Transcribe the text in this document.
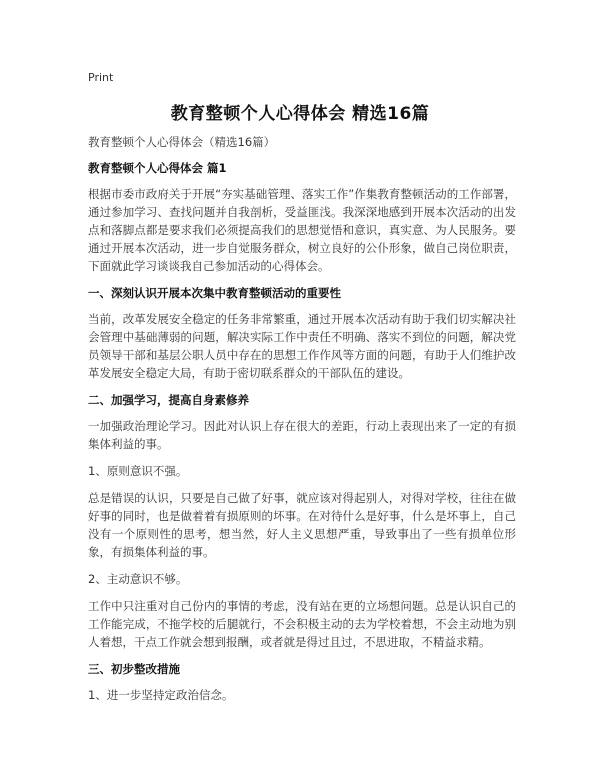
Print
教育整顿个人心得体会 精选16篇
教育整顿个人心得体会（精选16篇）
教育整顿个人心得体会 篇1
根据市委市政府关于开展“夯实基础管理、落实工作”作集教育整顿活动的工作部署，通过参加学习、查找问题并自我剖析，受益匪浅。我深深地感到开展本次活动的出发点和落脚点都是要求我们必须提高我们的思想觉悟和意识，真实意、为人民服务。要通过开展本次活动，进一步自觉服务群众，树立良好的公仆形象，做自己岗位职责，下面就此学习谈谈我自己参加活动的心得体会。
一、深刻认识开展本次集中教育整顿活动的重要性
当前，改革发展安全稳定的任务非常繁重，通过开展本次活动有助于我们切实解决社会管理中基础薄弱的问题，解决实际工作中责任不明确、落实不到位的问题，解决党员领导干部和基层公职人员中存在的思想工作作风等方面的问题，有助于人们维护改革发展安全稳定大局，有助于密切联系群众的干部队伍的建设。
二、加强学习，提高自身素修养
一加强政治理论学习。因此对认识上存在很大的差距，行动上表现出来了一定的有损集体利益的事。
1、原则意识不强。
总是错误的认识，只要是自己做了好事，就应该对得起别人，对得对学校，往往在做好事的同时，也是做着着有损原则的坏事。在对待什么是好事，什么是坏事上，自己没有一个原则性的思考，想当然，好人主义思想严重，导致事出了一些有损单位形象，有损集体利益的事。
2、主动意识不够。
工作中只注重对自己份内的事情的考虑，没有站在更的立场想问题。总是认识自己的工作能完成，不拖学校的后腿就行，不会积极主动的去为学校着想，不会主动地为别人着想，干点工作就会想到报酬，或者就是得过且过，不思进取，不精益求精。
三、初步整改措施
1、进一步坚持定政治信念。
